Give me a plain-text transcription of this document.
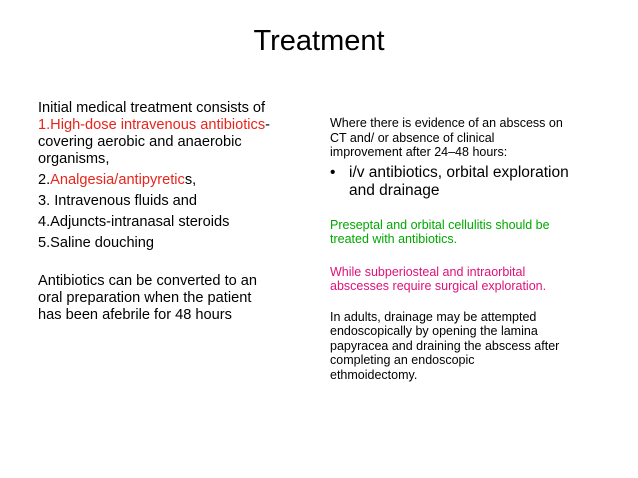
Treatment
Initial medical treatment consists of
1.High-dose intravenous antibiotics-
covering aerobic and anaerobic
organisms,
2.Analgesia/antipyretics,
3. Intravenous fluids and
4.Adjuncts-intranasal steroids
5.Saline douching
Antibiotics can be converted to an
oral preparation when the patient
has been afebrile for 48 hours
Where there is evidence of an abscess on
CT and/ or absence of clinical
improvement after 24–48 hours:
• i/v antibiotics, orbital exploration
and drainage
Preseptal and orbital cellulitis should be
treated with antibiotics.
While subperiosteal and intraorbital
abscesses require surgical exploration.
In adults, drainage may be attempted
endoscopically by opening the lamina
papyracea and draining the abscess after
completing an endoscopic
ethmoidectomy.
